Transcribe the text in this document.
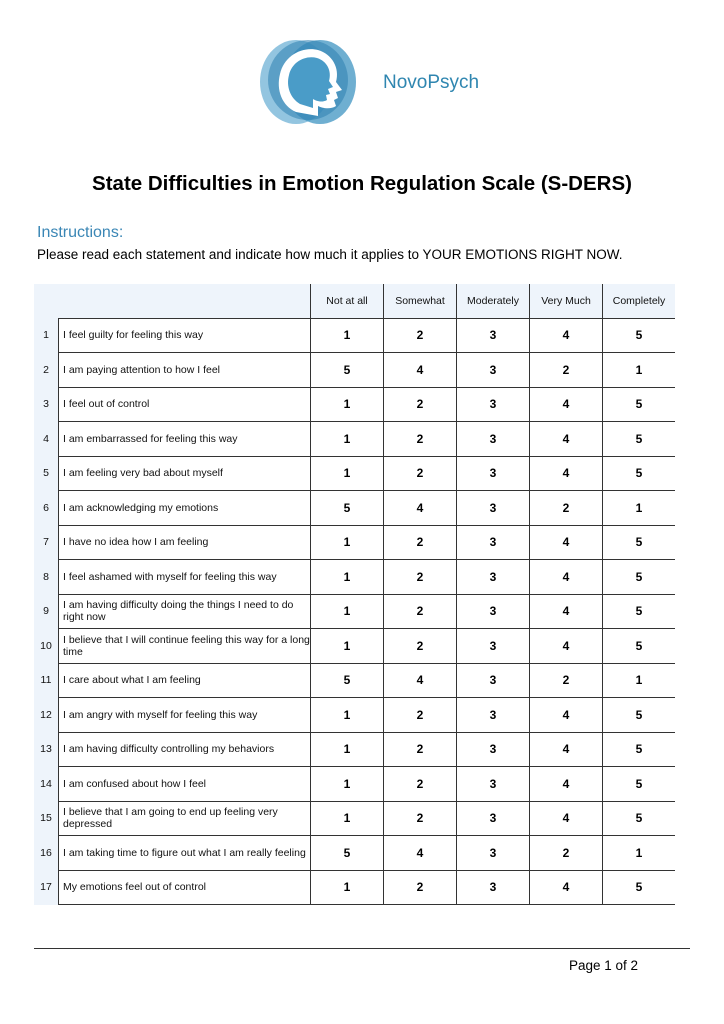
NovoPsych
State Difficulties in Emotion Regulation Scale (S-DERS)
Instructions:
Please read each statement and indicate how much it applies to YOUR EMOTIONS RIGHT NOW.
		Not at all	Somewhat	Moderately	Very Much	Completely
1	I feel guilty for feeling this way	1	2	3	4	5
2	I am paying attention to how I feel	5	4	3	2	1
3	I feel out of control	1	2	3	4	5
4	I am embarrassed for feeling this way	1	2	3	4	5
5	I am feeling very bad about myself	1	2	3	4	5
6	I am acknowledging my emotions	5	4	3	2	1
7	I have no idea how I am feeling	1	2	3	4	5
8	I feel ashamed with myself for feeling this way	1	2	3	4	5
9	I am having difficulty doing the things I need to do right now	1	2	3	4	5
10	I believe that I will continue feeling this way for a long time	1	2	3	4	5
11	I care about what I am feeling	5	4	3	2	1
12	I am angry with myself for feeling this way	1	2	3	4	5
13	I am having difficulty controlling my behaviors	1	2	3	4	5
14	I am confused about how I feel	1	2	3	4	5
15	I believe that I am going to end up feeling very depressed	1	2	3	4	5
16	I am taking time to figure out what I am really feeling	5	4	3	2	1
17	My emotions feel out of control	1	2	3	4	5
Page 1 of 2
